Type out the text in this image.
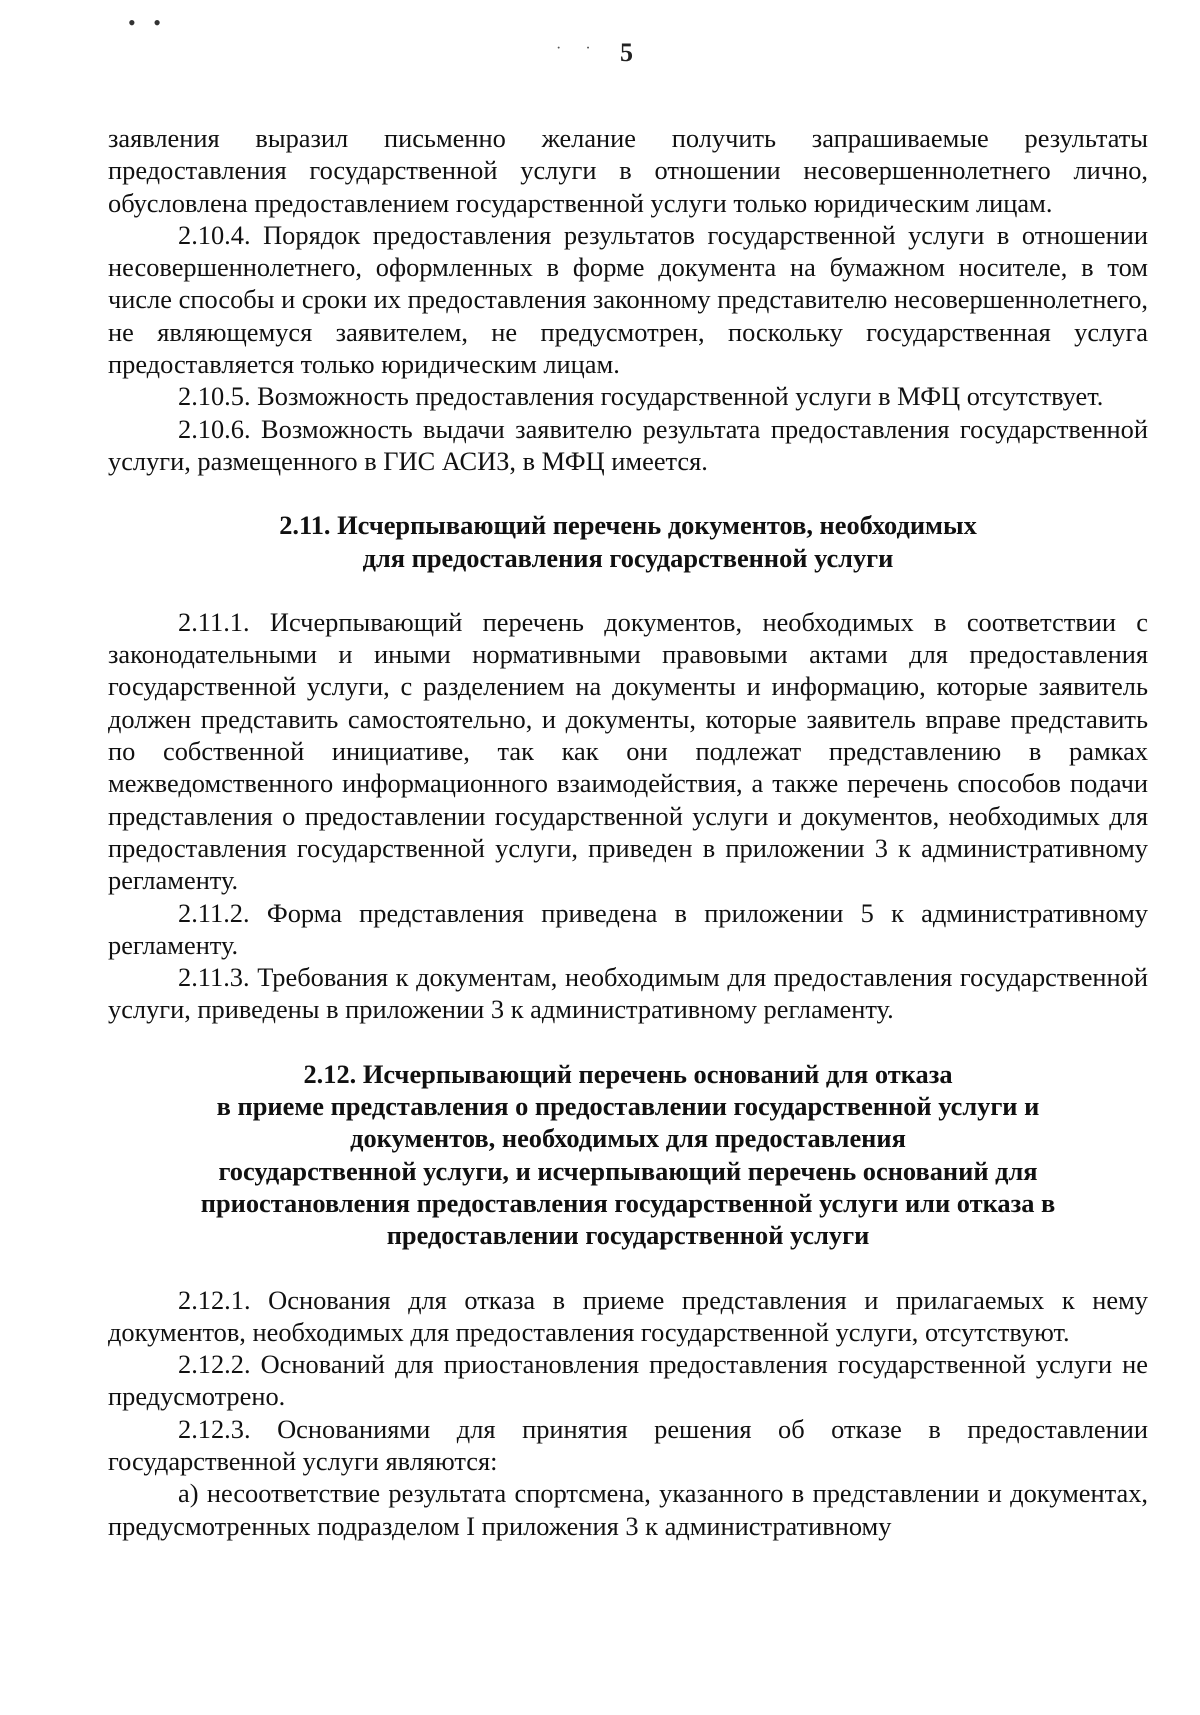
• •
· · 5

заявления выразил письменно желание получить запрашиваемые результаты предоставления государственной услуги в отношении несовершеннолетнего лично, обусловлена предоставлением государственной услуги только юридическим лицам.

2.10.4. Порядок предоставления результатов государственной услуги в отношении несовершеннолетнего, оформленных в форме документа на бумажном носителе, в том числе способы и сроки их предоставления законному представителю несовершеннолетнего, не являющемуся заявителем, не предусмотрен, поскольку государственная услуга предоставляется только юридическим лицам.

2.10.5. Возможность предоставления государственной услуги в МФЦ отсутствует.

2.10.6. Возможность выдачи заявителю результата предоставления государственной услуги, размещенного в ГИС АСИЗ, в МФЦ имеется.

2.11. Исчерпывающий перечень документов, необходимых
для предоставления государственной услуги

2.11.1. Исчерпывающий перечень документов, необходимых в соответствии с законодательными и иными нормативными правовыми актами для предоставления государственной услуги, с разделением на документы и информацию, которые заявитель должен представить самостоятельно, и документы, которые заявитель вправе представить по собственной инициативе, так как они подлежат представлению в рамках межведомственного информационного взаимодействия, а также перечень способов подачи представления о предоставлении государственной услуги и документов, необходимых для предоставления государственной услуги, приведен в приложении 3 к административному регламенту.

2.11.2. Форма представления приведена в приложении 5 к административному регламенту.

2.11.3. Требования к документам, необходимым для предоставления государственной услуги, приведены в приложении 3 к административному регламенту.

2.12. Исчерпывающий перечень оснований для отказа
в приеме представления о предоставлении государственной услуги и
документов, необходимых для предоставления
государственной услуги, и исчерпывающий перечень оснований для
приостановления предоставления государственной услуги или отказа в
предоставлении государственной услуги

2.12.1. Основания для отказа в приеме представления и прилагаемых к нему документов, необходимых для предоставления государственной услуги, отсутствуют.

2.12.2. Оснований для приостановления предоставления государственной услуги не предусмотрено.

2.12.3. Основаниями для принятия решения об отказе в предоставлении государственной услуги являются:

а) несоответствие результата спортсмена, указанного в представлении и документах, предусмотренных подразделом I приложения 3 к административному
